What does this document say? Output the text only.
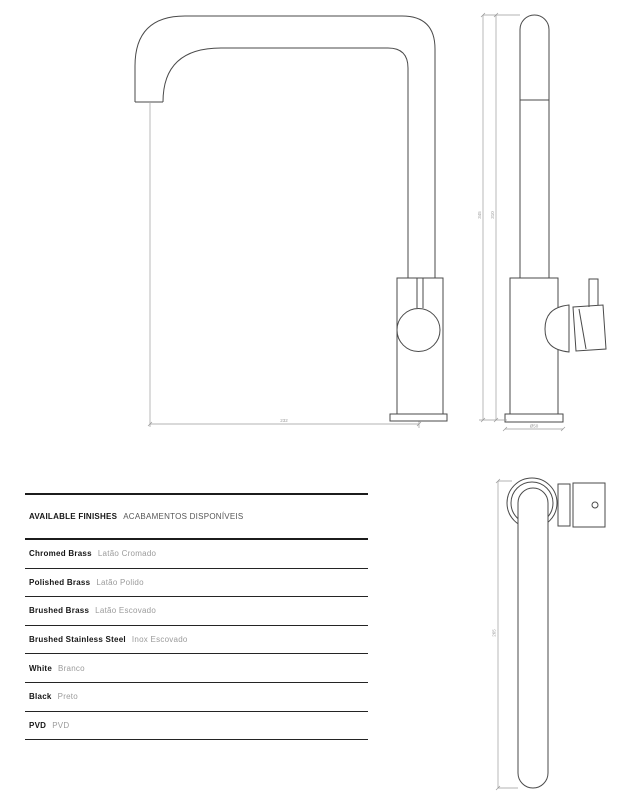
232
345 310
Ø50
265
AVAILABLE FINISHES ACABAMENTOS DISPONÍVEIS
Chromed Brass Latão Cromado
Polished Brass Latão Polido
Brushed Brass Latão Escovado
Brushed Stainless Steel Inox Escovado
White Branco
Black Preto
PVD PVD
